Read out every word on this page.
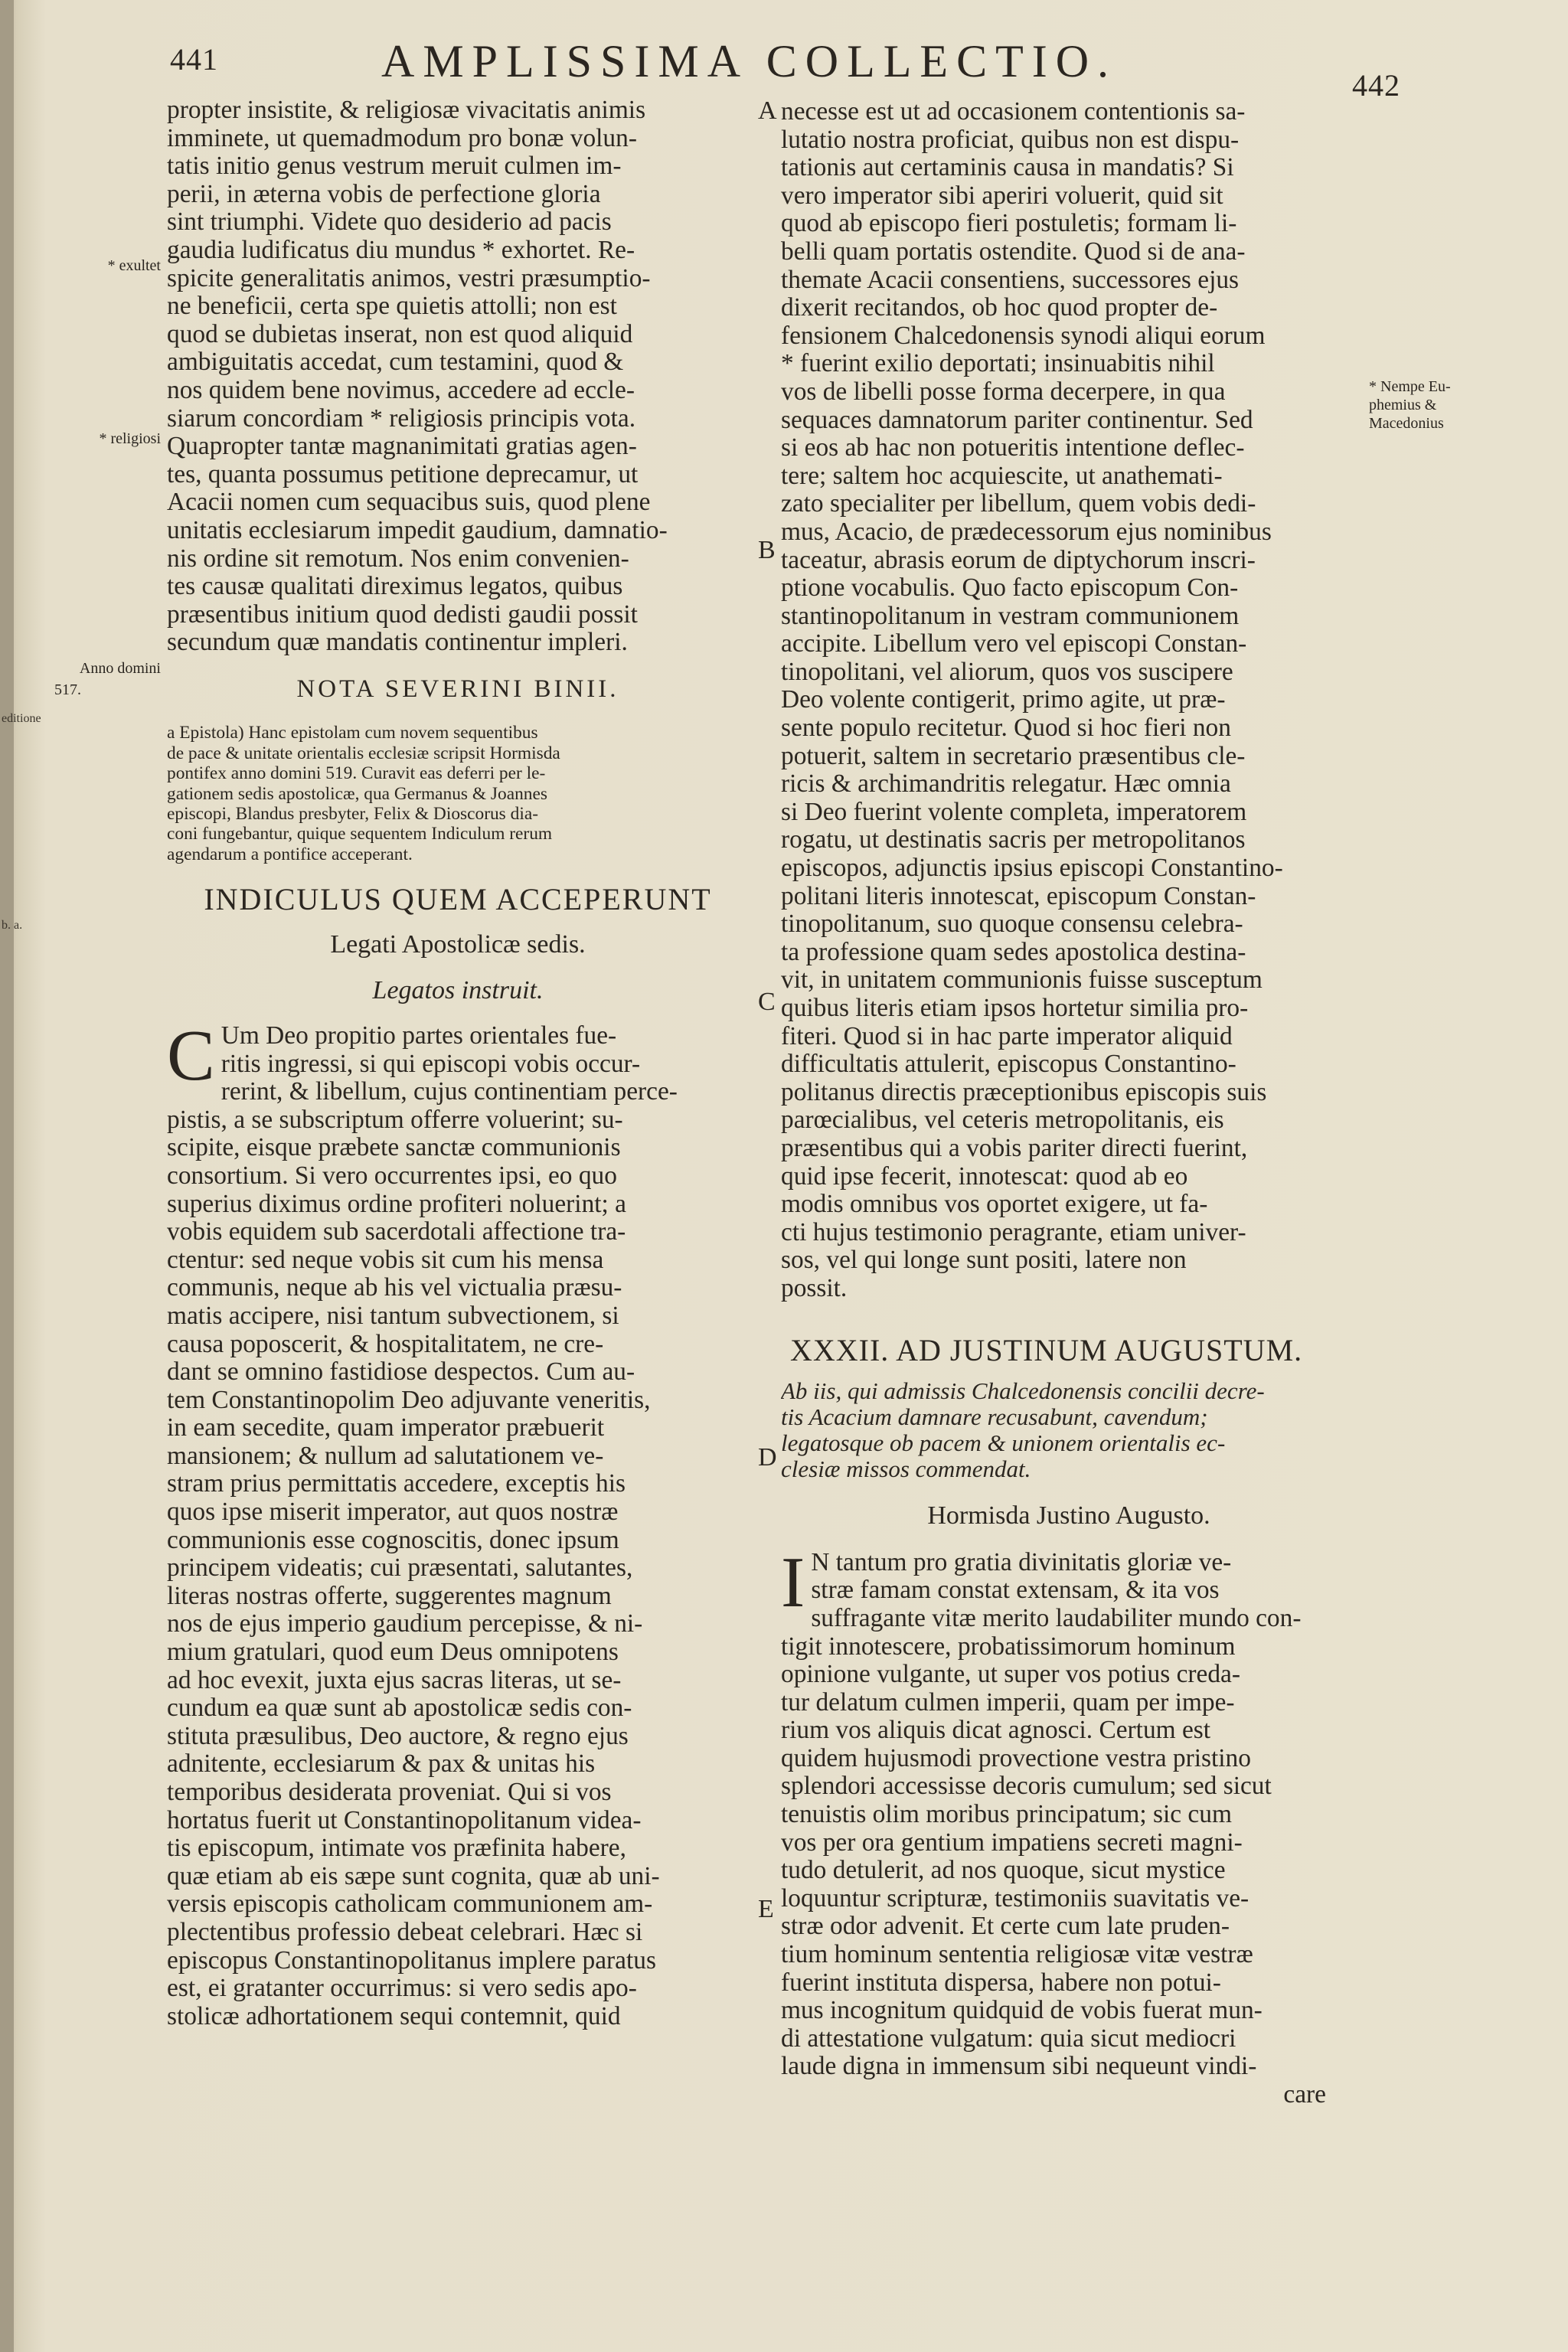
441	AMPLISSIMA COLLECTIO.	442
propter insistite, & religiosæ vivacitatis animis
imminete, ut quemadmodum pro bonæ volun-
tatis initio genus vestrum meruit culmen im-
perii, in æterna vobis de perfectione gloria
sint triumphi. Videte quo desiderio ad pacis
gaudia ludificatus diu mundus * exhortet. Re-
spicite generalitatis animos, vestri præsumptio-
ne beneficii, certa spe quietis attolli; non est
quod se dubietas inserat, non est quod aliquid
ambiguitatis accedat, cum testamini, quod &
nos quidem bene novimus, accedere ad eccle-
siarum concordiam * religiosis principis vota.
Quapropter tantæ magnanimitati gratias agen-
tes, quanta possumus petitione deprecamur, ut
Acacii nomen cum sequacibus suis, quod plene
unitatis ecclesiarum impedit gaudium, damnatio-
nis ordine sit remotum. Nos enim convenien-
tes causæ qualitati direximus legatos, quibus
præsentibus initium quod dedisti gaudii possit
secundum quæ mandatis continentur impleri.
NOTA SEVERINI BINII.
a Epistola) Hanc epistolam cum novem sequentibus
de pace & unitate orientalis ecclesiæ scripsit Hormisda
pontifex anno domini 519. Curavit eas deferri per le-
gationem sedis apostolicæ, qua Germanus & Joannes
episcopi, Blandus presbyter, Felix & Dioscorus dia-
coni fungebantur, quique sequentem Indiculum rerum
agendarum a pontifice acceperant.
INDICULUS QUEM ACCEPERUNT
Legati Apostolicæ sedis.
Legatos instruit.
C Um Deo propitio partes orientales fue-
ritis ingressi, si qui episcopi vobis occur-
rerint, & libellum, cujus continentiam perce-
pistis, a se subscriptum offerre voluerint; su-
scipite, eisque præbete sanctæ communionis
consortium. Si vero occurrentes ipsi, eo quo
superius diximus ordine profiteri noluerint; a
vobis equidem sub sacerdotali affectione tra-
ctentur: sed neque vobis sit cum his mensa
communis, neque ab his vel victualia præsu-
matis accipere, nisi tantum subvectionem, si
causa poposcerit, & hospitalitatem, ne cre-
dant se omnino fastidiose despectos. Cum au-
tem Constantinopolim Deo adjuvante veneritis,
in eam secedite, quam imperator præbuerit
mansionem; & nullum ad salutationem ve-
stram prius permittatis accedere, exceptis his
quos ipse miserit imperator, aut quos nostræ
communionis esse cognoscitis, donec ipsum
principem videatis; cui præsentati, salutantes,
literas nostras offerte, suggerentes magnum
nos de ejus imperio gaudium percepisse, & ni-
mium gratulari, quod eum Deus omnipotens
ad hoc evexit, juxta ejus sacras literas, ut se-
cundum ea quæ sunt ab apostolicæ sedis con-
stituta præsulibus, Deo auctore, & regno ejus
adnitente, ecclesiarum & pax & unitas his
temporibus desiderata proveniat. Qui si vos
hortatus fuerit ut Constantinopolitanum videa-
tis episcopum, intimate vos præfinita habere,
quæ etiam ab eis sæpe sunt cognita, quæ ab uni-
versis episcopis catholicam communionem am-
plectentibus professio debeat celebrari. Hæc si
episcopus Constantinopolitanus implere paratus
est, ei gratanter occurrimus: si vero sedis apo-
stolicæ adhortationem sequi contemnit, quid
necesse est ut ad occasionem contentionis sa-
lutatio nostra proficiat, quibus non est dispu-
tationis aut certaminis causa in mandatis? Si
vero imperator sibi aperiri voluerit, quid sit
quod ab episcopo fieri postuletis; formam li-
belli quam portatis ostendite. Quod si de ana-
themate Acacii consentiens, successores ejus
dixerit recitandos, ob hoc quod propter de-
fensionem Chalcedonensis synodi aliqui eorum
* fuerint exilio deportati; insinuabitis nihil
vos de libelli posse forma decerpere, in qua
sequaces damnatorum pariter continentur. Sed
si eos ab hac non potueritis intentione deflec-
tere; saltem hoc acquiescite, ut anathemati-
zato specialiter per libellum, quem vobis dedi-
mus, Acacio, de prædecessorum ejus nominibus
taceatur, abrasis eorum de diptychorum inscri-
ptione vocabulis. Quo facto episcopum Con-
stantinopolitanum in vestram communionem
accipite. Libellum vero vel episcopi Constan-
tinopolitani, vel aliorum, quos vos suscipere
Deo volente contigerit, primo agite, ut præ-
sente populo recitetur. Quod si hoc fieri non
potuerit, saltem in secretario præsentibus cle-
ricis & archimandritis relegatur. Hæc omnia
si Deo fuerint volente completa, imperatorem
rogatu, ut destinatis sacris per metropolitanos
episcopos, adjunctis ipsius episcopi Constantino-
politani literis innotescat, episcopum Constan-
tinopolitanum, suo quoque consensu celebra-
ta professione quam sedes apostolica destina-
vit, in unitatem communionis fuisse susceptum
quibus literis etiam ipsos hortetur similia pro-
fiteri. Quod si in hac parte imperator aliquid
difficultatis attulerit, episcopus Constantino-
politanus directis præceptionibus episcopis suis
parœcialibus, vel ceteris metropolitanis, eis
præsentibus qui a vobis pariter directi fuerint,
quid ipse fecerit, innotescat: quod ab eo
modis omnibus vos oportet exigere, ut fa-
cti hujus testimonio peragrante, etiam univer-
sos, vel qui longe sunt positi, latere non
possit.
XXXII. AD JUSTINUM AUGUSTUM.
Ab iis, qui admissis Chalcedonensis concilii decre-
tis Acacium damnare recusabunt, cavendum;
legatosque ob pacem & unionem orientalis ec-
clesiæ missos commendat.
Hormisda Justino Augusto.
I N tantum pro gratia divinitatis gloriæ ve-
stræ famam constat extensam, & ita vos
suffragante vitæ merito laudabiliter mundo con-
tigit innotescere, probatissimorum hominum
opinione vulgante, ut super vos potius creda-
tur delatum culmen imperii, quam per impe-
rium vos aliquis dicat agnosci. Certum est
quidem hujusmodi provectione vestra pristino
splendori accessisse decoris cumulum; sed sicut
tenuistis olim moribus principatum; sic cum
vos per ora gentium impatiens secreti magni-
tudo detulerit, ad nos quoque, sicut mystice
loquuntur scripturæ, testimoniis suavitatis ve-
stræ odor advenit. Et certe cum late pruden-
tium hominum sententia religiosæ vitæ vestræ
fuerint instituta dispersa, habere non potui-
mus incognitum quidquid de vobis fuerat mun-
di attestatione vulgatum: quia sicut mediocri
laude digna in immensum sibi nequeunt vindi-
care
* exultet
* religiosi
Anno domini
517.
* Nempe Eu-
phemius &
Macedonius
editione
b. a.
A
B
C
D
E
